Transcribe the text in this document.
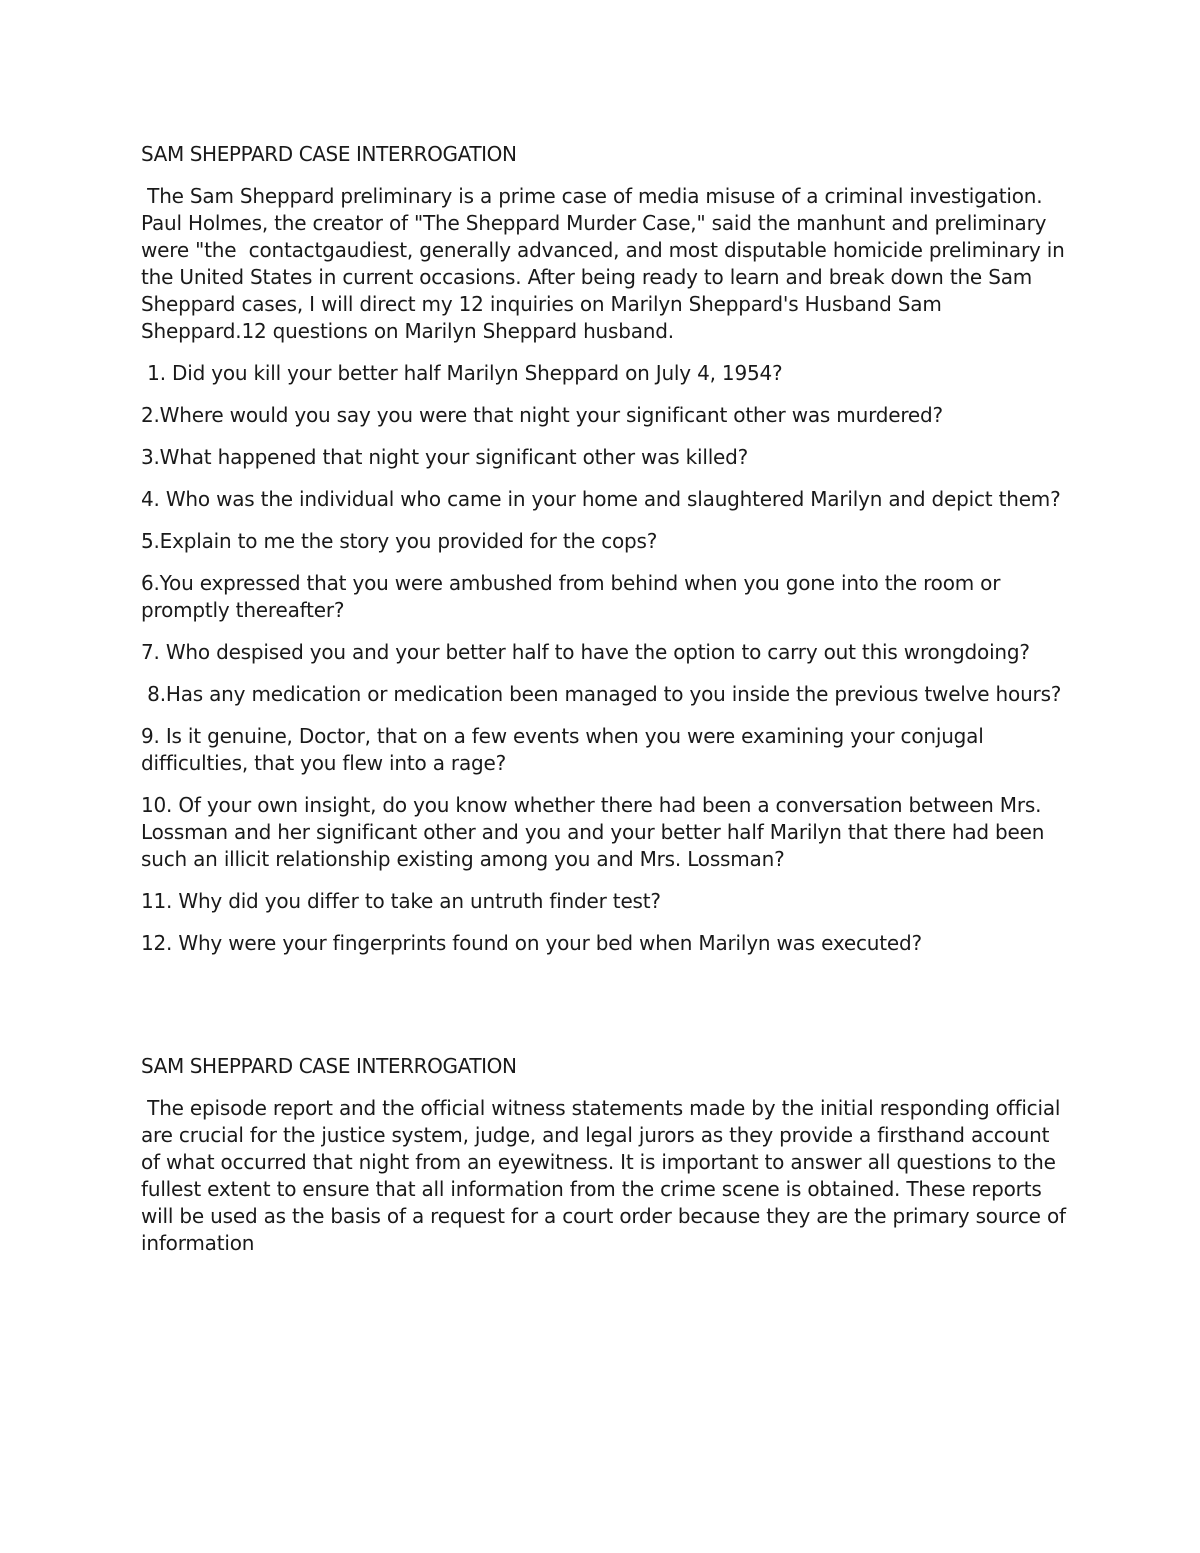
SAM SHEPPARD CASE INTERROGATION

The Sam Sheppard preliminary is a prime case of media misuse of a criminal investigation. Paul Holmes, the creator of "The Sheppard Murder Case," said the manhunt and preliminary were "the  contactgaudiest, generally advanced, and most disputable homicide preliminary in the United States in current occasions. After being ready to learn and break down the Sam Sheppard cases, I will direct my 12 inquiries on Marilyn Sheppard's Husband Sam Sheppard.12 questions on Marilyn Sheppard husband.

1. Did you kill your better half Marilyn Sheppard on July 4, 1954?
2.Where would you say you were that night your significant other was murdered?
3.What happened that night your significant other was killed?
4. Who was the individual who came in your home and slaughtered Marilyn and depict them?
5.Explain to me the story you provided for the cops?
6.You expressed that you were ambushed from behind when you gone into the room or promptly thereafter?
7. Who despised you and your better half to have the option to carry out this wrongdoing?
8.Has any medication or medication been managed to you inside the previous twelve hours?
9. Is it genuine, Doctor, that on a few events when you were examining your conjugal difficulties, that you flew into a rage?
10. Of your own insight, do you know whether there had been a conversation between Mrs. Lossman and her significant other and you and your better half Marilyn that there had been such an illicit relationship existing among you and Mrs. Lossman?
11. Why did you differ to take an untruth finder test?
12. Why were your fingerprints found on your bed when Marilyn was executed?
SAM SHEPPARD CASE INTERROGATION

The episode report and the official witness statements made by the initial responding official are crucial for the justice system, judge, and legal jurors as they provide a firsthand account of what occurred that night from an eyewitness. It is important to answer all questions to the fullest extent to ensure that all information from the crime scene is obtained. These reports will be used as the basis of a request for a court order because they are the primary source of information
